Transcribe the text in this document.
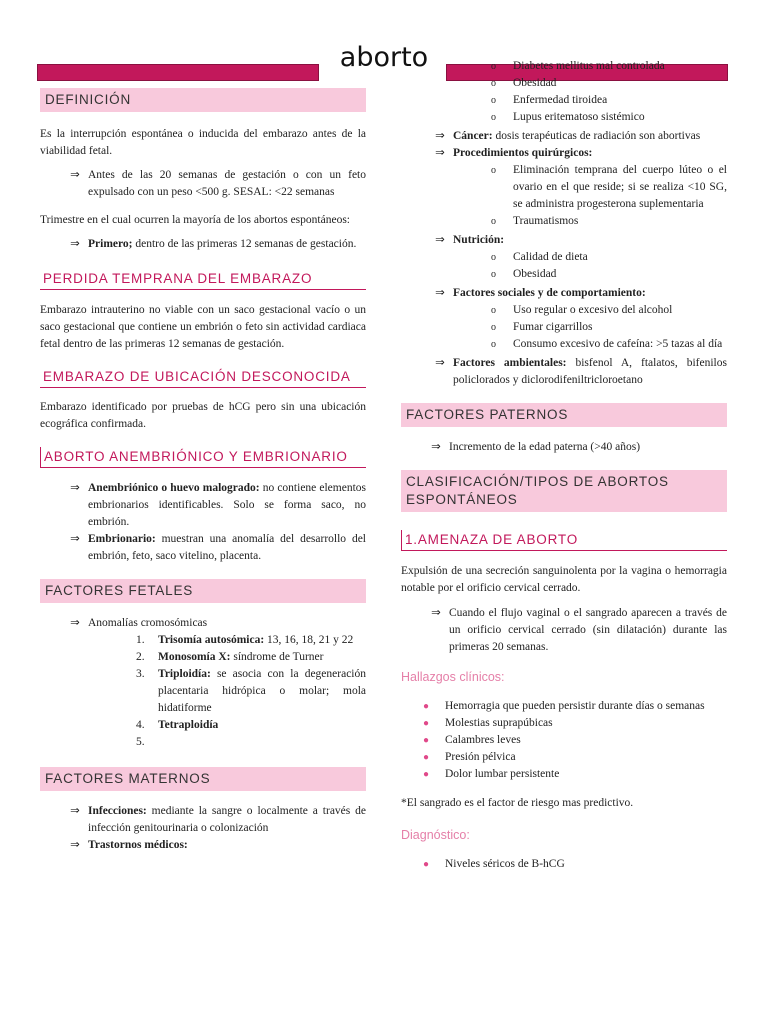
aborto
DEFINICIÓN

Es la interrupción espontánea o inducida del embarazo antes de la viabilidad fetal.

⇒ Antes de las 20 semanas de gestación o con un feto expulsado con un peso <500 g. SESAL: <22 semanas

Trimestre en el cual ocurren la mayoría de los abortos espontáneos:

⇒ Primero; dentro de las primeras 12 semanas de gestación.
PERDIDA TEMPRANA DEL EMBARAZO

Embarazo intrauterino no viable con un saco gestacional vacío o un saco gestacional que contiene un embrión o feto sin actividad cardiaca fetal dentro de las primeras 12 semanas de gestación.

EMBARAZO DE UBICACIÓN DESCONOCIDA

Embarazo identificado por pruebas de hCG pero sin una ubicación ecográfica confirmada.

ABORTO ANEMBRIÓNICO Y EMBRIONARIO
⇒ Anembriónico o huevo malogrado: no contiene elementos embrionarios identificables. Solo se forma saco, no embrión.
⇒ Embrionario: muestran una anomalía del desarrollo del embrión, feto, saco vitelino, placenta.
FACTORES FETALES
⇒ Anomalías cromosómicas
1.	Trisomía autosómica: 13, 16, 18, 21 y 22
2.	Monosomía X: síndrome de Turner
3.	Triploidía: se asocia con la degeneración placentaria hidrópica o molar; mola hidatiforme
4.	Tetraploidía
5.
FACTORES MATERNOS
⇒ Infecciones: mediante la sangre o localmente a través de infección genitourinaria o colonización
⇒ Trastornos médicos:
o	Diabetes mellitus mal controlada
o	Obesidad
o	Enfermedad tiroidea
o	Lupus eritematoso sistémico
⇒ Cáncer: dosis terapéuticas de radiación son abortivas
⇒ Procedimientos quirúrgicos:
o	Eliminación temprana del cuerpo lúteo o el ovario en el que reside; si se realiza <10 SG, se administra progesterona suplementaria
o	Traumatismos
⇒ Nutrición:
o	Calidad de dieta
o	Obesidad
⇒ Factores sociales y de comportamiento:
o	Uso regular o excesivo del alcohol
o	Fumar cigarrillos
o	Consumo excesivo de cafeína: >5 tazas al día
⇒ Factores ambientales: bisfenol A, ftalatos, bifenilos policlorados y diclorodifeniltricloroetano
FACTORES PATERNOS
⇒ Incremento de la edad paterna (>40 años)
CLASIFICACIÓN/TIPOS DE ABORTOS ESPONTÁNEOS
1.AMENAZA DE ABORTO

Expulsión de una secreción sanguinolenta por la vagina o hemorragia notable por el orificio cervical cerrado.

⇒ Cuando el flujo vaginal o el sangrado aparecen a través de un orificio cervical cerrado (sin dilatación) durante las primeras 20 semanas.
Hallazgos clínicos:
●	Hemorragia que pueden persistir durante días o semanas
●	Molestias suprapúbicas
●	Calambres leves
●	Presión pélvica
●	Dolor lumbar persistente

*El sangrado es el factor de riesgo mas predictivo.

Diagnóstico:
●	Niveles séricos de B-hCG
